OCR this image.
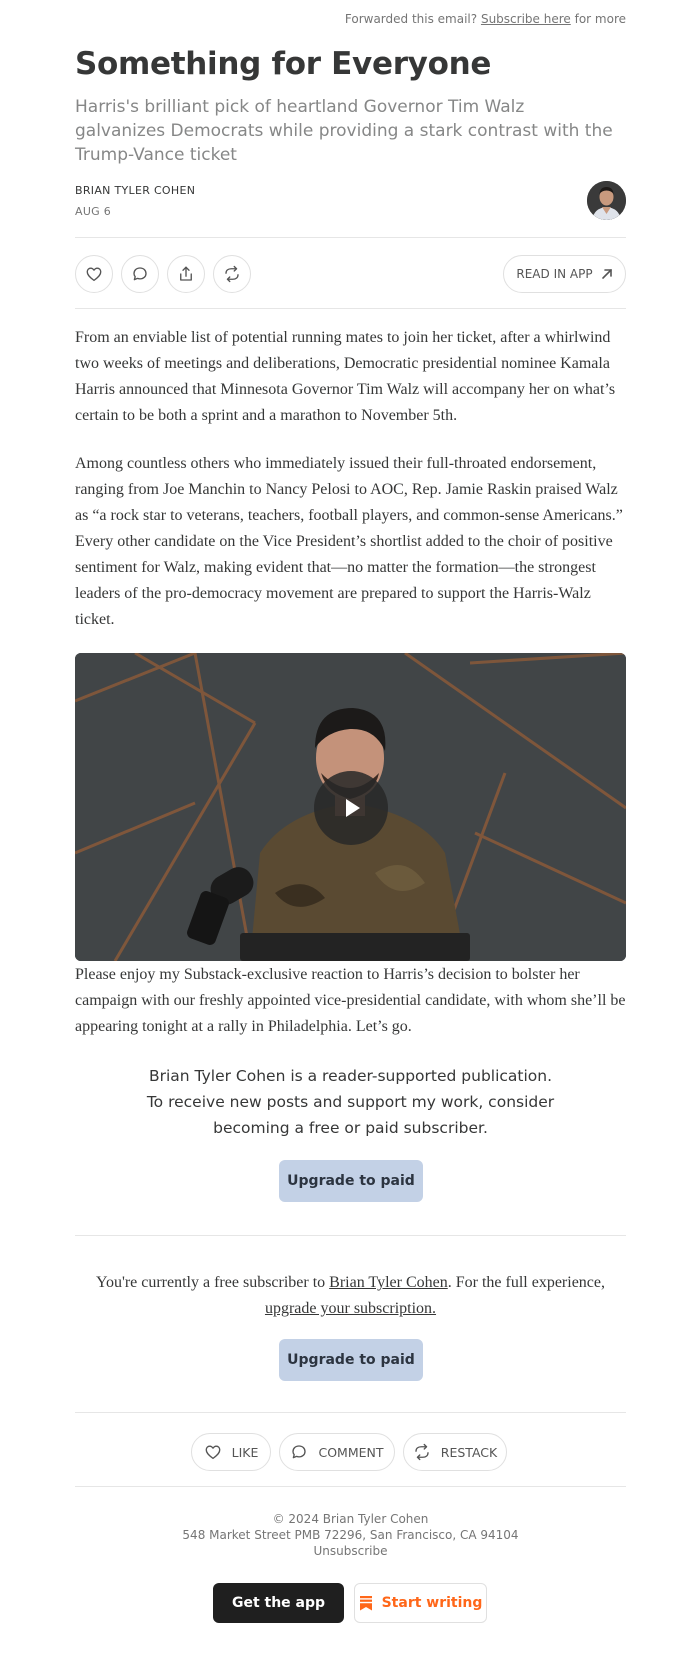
Forwarded this email? Subscribe here for more
Something for Everyone

Harris's brilliant pick of heartland Governor Tim Walz galvanizes Democrats while providing a stark contrast with the Trump-Vance ticket

BRIAN TYLER COHEN
AUG 6
READ IN APP

From an enviable list of potential running mates to join her ticket, after a whirlwind two weeks of meetings and deliberations, Democratic presidential nominee Kamala Harris announced that Minnesota Governor Tim Walz will accompany her on what’s certain to be both a sprint and a marathon to November 5th.

Among countless others who immediately issued their full-throated endorsement, ranging from Joe Manchin to Nancy Pelosi to AOC, Rep. Jamie Raskin praised Walz as “a rock star to veterans, teachers, football players, and common-sense Americans.” Every other candidate on the Vice President’s shortlist added to the choir of positive sentiment for Walz, making evident that—no matter the formation—the strongest leaders of the pro-democracy movement are prepared to support the Harris-Walz ticket.

Please enjoy my Substack-exclusive reaction to Harris’s decision to bolster her campaign with our freshly appointed vice-presidential candidate, with whom she’ll be appearing tonight at a rally in Philadelphia. Let’s go.

Brian Tyler Cohen is a reader-supported publication.

To receive new posts and support my work, consider

becoming a free or paid subscriber.

Upgrade to paid

You're currently a free subscriber to Brian Tyler Cohen. For the full experience, upgrade your subscription.

Upgrade to paid
LIKE	COMMENT	RESTACK

© 2024 Brian Tyler Cohen

548 Market Street PMB 72296, San Francisco, CA 94104

Unsubscribe

Get the app	Start writing
